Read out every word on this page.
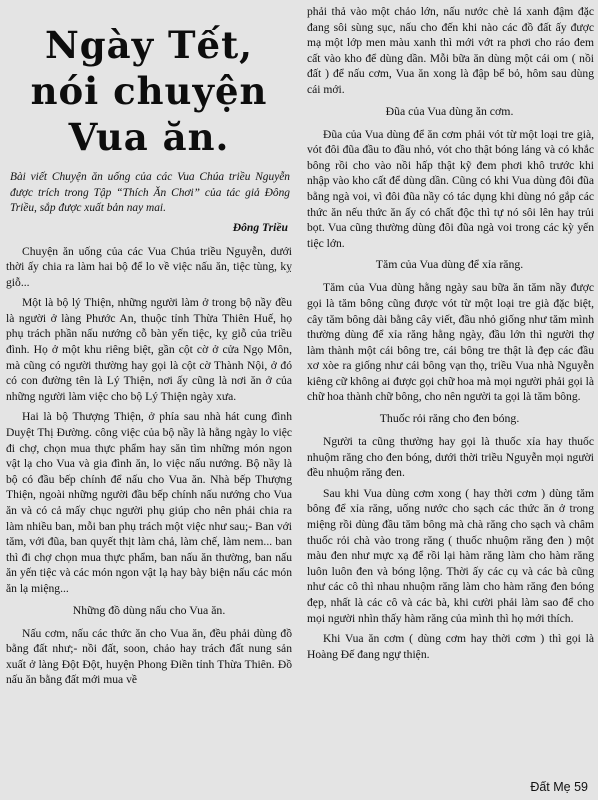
Ngày Tết, nói chuyện Vua ăn.
Bài viết Chuyện ăn uống của các Vua Chúa triều Nguyễn được trích trong Tập “Thích Ăn Chơi” của tác giả Đông Triều, sắp được xuất bản nay mai.
Đông Triều

Chuyện ăn uống của các Vua Chúa triều Nguyễn, dưới thời ấy chia ra làm hai bộ để lo về việc nấu ăn, tiệc tùng, kỵ giỗ...

Một là bộ lý Thiện, những người làm ở trong bộ nầy đều là người ở làng Phước An, thuộc tỉnh Thừa Thiên Huế, họ phụ trách phần nấu nướng cỗ bàn yến tiệc, kỵ giỗ của triều đình. Họ ở một khu riêng biệt, gần cột cờ ở cửa Ngọ Môn, mà cũng có người thường hay gọi là cột cờ Thành Nội, ở đó có con đường tên là Lý Thiện, nơi ấy cũng là nơi ăn ở của những người làm việc cho bộ Lý Thiện ngày xưa.

Hai là bộ Thượng Thiện, ở phía sau nhà hát cung đình Duyệt Thị Đường. công việc của bộ nầy là hằng ngày lo việc đi chợ, chọn mua thực phẩm hay săn tìm những món ngon vật lạ cho Vua và gia đình ăn, lo việc nấu nướng. Bộ nầy là bộ có đầu bếp chính để nấu cho Vua ăn. Nhà bếp Thượng Thiện, ngoài những người đầu bếp chính nấu nướng cho Vua ăn và có cả mấy chục người phụ giúp cho nên phải chia ra làm nhiều ban, mỗi ban phụ trách một việc như sau;- Ban với tăm, với đũa, ban quyết thịt làm chả, làm chế, làm nem... ban thì đi chợ chọn mua thực phẩm, ban nấu ăn thường, ban nấu ăn yến tiệc và các món ngon vật lạ hay bày biện nấu các món ăn lạ miệng...

Những đồ dùng nấu cho Vua ăn.

Nấu cơm, nấu các thức ăn cho Vua ăn, đều phải dùng đồ bằng đất như;- nồi đất, soon, chảo hay trách đất nung sản xuất ở làng Đột Đột, huyện Phong Điền tỉnh Thừa Thiên. Đồ nấu ăn bằng đất mới mua về

phải thả vào một chảo lớn, nấu nước chè lá xanh đậm đặc đang sôi sùng sục, nấu cho đến khi nào các đồ đất ấy được mạ một lớp men màu xanh thì mới vớt ra phơi cho ráo đem cất vào kho để dùng dần. Mỗi bữa ăn dùng một cái om ( nồi đất ) để nấu cơm, Vua ăn xong là đập bể bỏ, hôm sau dùng cái mới.

Đũa của Vua dùng ăn cơm.

Đũa của Vua dùng để ăn cơm phải vót từ một loại tre già, vót đôi đũa đầu to đầu nhỏ, vót cho thật bóng láng và có khắc bông rồi cho vào nồi hấp thật kỹ đem phơi khô trước khi nhập vào kho cất để dùng dần. Cũng có khi Vua dùng đôi đũa bằng ngà voi, vì đôi đũa nầy có tác dụng khi dùng nó gắp các thức ăn nếu thức ăn ấy có chất độc thì tự nó sôi lên hay trủi bọt. Vua cũng thường dùng đôi đũa ngà voi trong các kỳ yến tiệc lớn.

Tăm của Vua dùng để xỉa răng.

Tăm của Vua dùng hằng ngày sau bữa ăn tăm nầy được gọi là tăm bông cũng được vót từ một loại tre già đặc biệt, cây tăm bông dài bằng cây viết, đầu nhỏ giống như tăm mình thường dùng để xỉa răng hằng ngày, đầu lớn thì người thợ làm thành một cái bông tre, cái bông tre thật là đẹp các đầu xơ xòe ra giống như cái bông vạn thọ, triều Vua nhà Nguyễn kiêng cữ không ai được gọi chữ hoa mà mọi người phải gọi là chữ hoa thành chữ bông, cho nên người ta gọi là tăm bông.

Thuốc rỏi răng cho đen bóng.

Người ta cũng thường hay gọi là thuốc xỉa hay thuốc nhuộm răng cho đen bóng, dưới thời triều Nguyễn mọi người đều nhuộm răng đen.

Sau khi Vua dùng cơm xong ( hay thời cơm ) dùng tăm bông để xỉa răng, uống nước cho sạch các thức ăn ở trong miệng rồi dùng đầu tăm bông mà chà răng cho sạch và châm thuốc rỏi chà vào trong răng ( thuốc nhuộm răng đen ) một màu đen như mực xạ để rồi lại hàm răng làm cho hàm răng luôn luôn đen và bóng lộng. Thời ấy các cụ và các bà cũng như các cô thì nhau nhuộm răng làm cho hàm răng đen bóng đẹp, nhất là các cô và các bà, khi cười phải làm sao để cho mọi người nhìn thấy hàm răng của mình thì họ mới thích.

Khi Vua ăn cơm ( dùng cơm hay thời cơm ) thì gọi là Hoàng Đế đang ngự thiện.

Đất Mẹ 59
